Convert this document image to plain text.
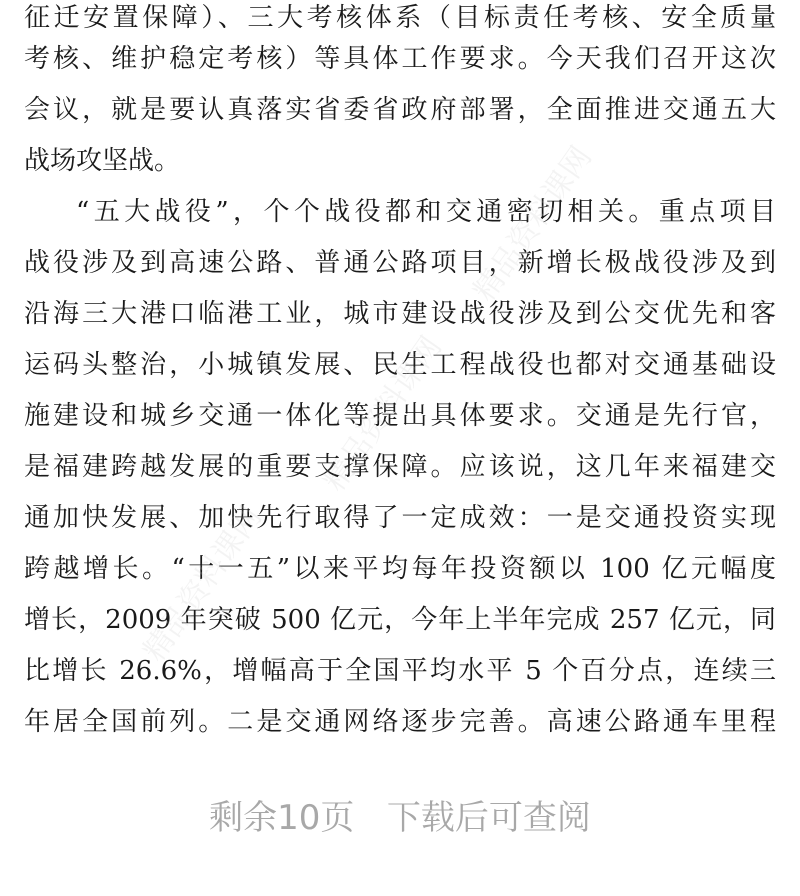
征迁安置保障）、三大考核体系（目标责任考核、安全质量
考核、维护稳定考核）等具体工作要求。今天我们召开这次
会议，就是要认真落实省委省政府部署，全面推进交通五大
战场攻坚战。
“五大战役”，个个战役都和交通密切相关。重点项目
战役涉及到高速公路、普通公路项目，新增长极战役涉及到
沿海三大港口临港工业，城市建设战役涉及到公交优先和客
运码头整治，小城镇发展、民生工程战役也都对交通基础设
施建设和城乡交通一体化等提出具体要求。交通是先行官，
是福建跨越发展的重要支撑保障。应该说，这几年来福建交
通加快发展、加快先行取得了一定成效：一是交通投资实现
跨越增长。“十一五”以来平均每年投资额以 100 亿元幅度
增长，2009 年突破 500 亿元，今年上半年完成 257 亿元，同
比增长 26.6%，增幅高于全国平均水平 5 个百分点，连续三
年居全国前列。二是交通网络逐步完善。高速公路通车里程
精品资料课网
精品资料课网
精品资料课网
剩余10页   下载后可查阅
